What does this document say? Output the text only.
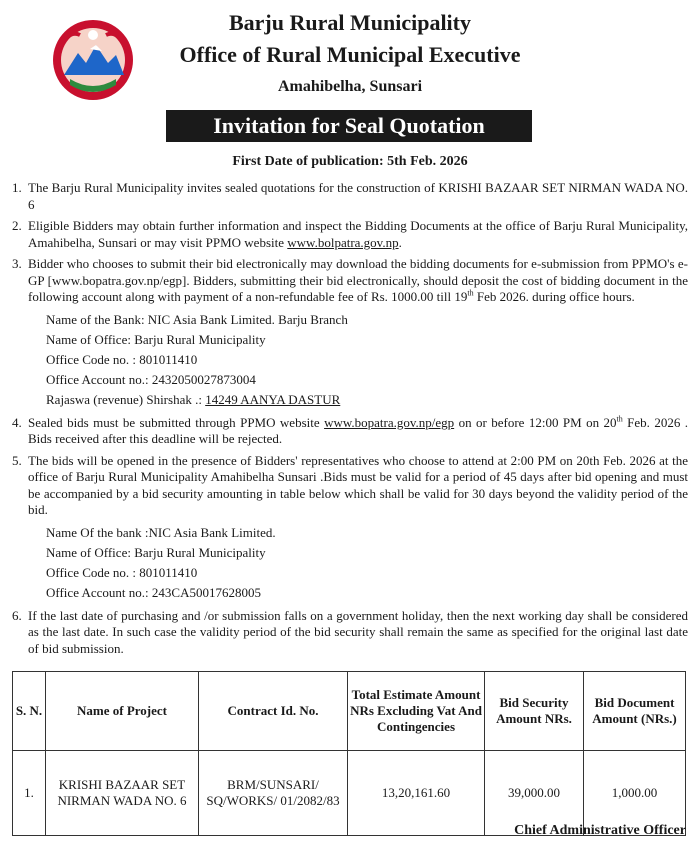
Barju Rural Municipality
Office of Rural Municipal Executive
Amahibelha, Sunsari
Invitation for Seal Quotation
First Date of publication: 5th Feb. 2026
1. The Barju Rural Municipality invites sealed quotations for the construction of KRISHI BAZAAR SET NIRMAN WADA NO. 6
2. Eligible Bidders may obtain further information and inspect the Bidding Documents at the office of Barju Rural Municipality, Amahibelha, Sunsari or may visit PPMO website www.bolpatra.gov.np.
3. Bidder who chooses to submit their bid electronically may download the bidding documents for e-submission from PPMO's e-GP [www.bopatra.gov.np/egp]. Bidders, submitting their bid electronically, should deposit the cost of bidding document in the following account along with payment of a non-refundable fee of Rs. 1000.00 till 19th Feb 2026. during office hours.
Name of the Bank: NIC Asia Bank Limited. Barju Branch
Name of Office: Barju Rural Municipality
Office Code no. : 801011410
Office Account no.: 2432050027873004
Rajaswa (revenue) Shirshak .: 14249 AANYA DASTUR
4. Sealed bids must be submitted through PPMO website www.bopatra.gov.np/egp on or before 12:00 PM on 20th Feb. 2026 . Bids received after this deadline will be rejected.
5. The bids will be opened in the presence of Bidders' representatives who choose to attend at 2:00 PM on 20th Feb. 2026 at the office of Barju Rural Municipality Amahibelha Sunsari .Bids must be valid for a period of 45 days after bid opening and must be accompanied by a bid security amounting in table below which shall be valid for 30 days beyond the validity period of the bid.
Name Of the bank :NIC Asia Bank Limited.
Name of Office: Barju Rural Municipality
Office Code no. : 801011410
Office Account no.: 243CA50017628005
6. If the last date of purchasing and /or submission falls on a government holiday, then the next working day shall be considered as the last date. In such case the validity period of the bid security shall remain the same as specified for the original last date of bid submission.
S. N.	Name of Project	Contract Id. No.	Total Estimate Amount NRs Excluding Vat And Contingencies	Bid Security Amount NRs.	Bid Document Amount (NRs.)
1.	KRISHI BAZAAR SET NIRMAN WADA NO. 6	BRM/SUNSARI/ SQ/WORKS/ 01/2082/83	13,20,161.60	39,000.00	1,000.00
Chief Administrative Officer
